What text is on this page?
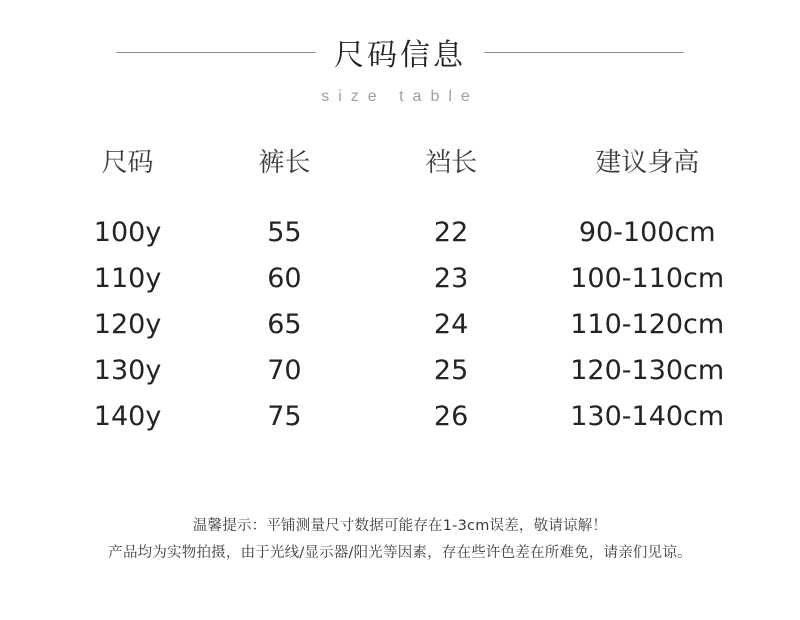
尺码信息
size table
尺码	裤长	裆长	建议身高
100y	55	22	90-100cm
110y	60	23	100-110cm
120y	65	24	110-120cm
130y	70	25	120-130cm
140y	75	26	130-140cm
温馨提示：平铺测量尺寸数据可能存在1-3cm误差，敬请谅解！
产品均为实物拍摄，由于光线/显示器/阳光等因素，存在些许色差在所难免，请亲们见谅。
